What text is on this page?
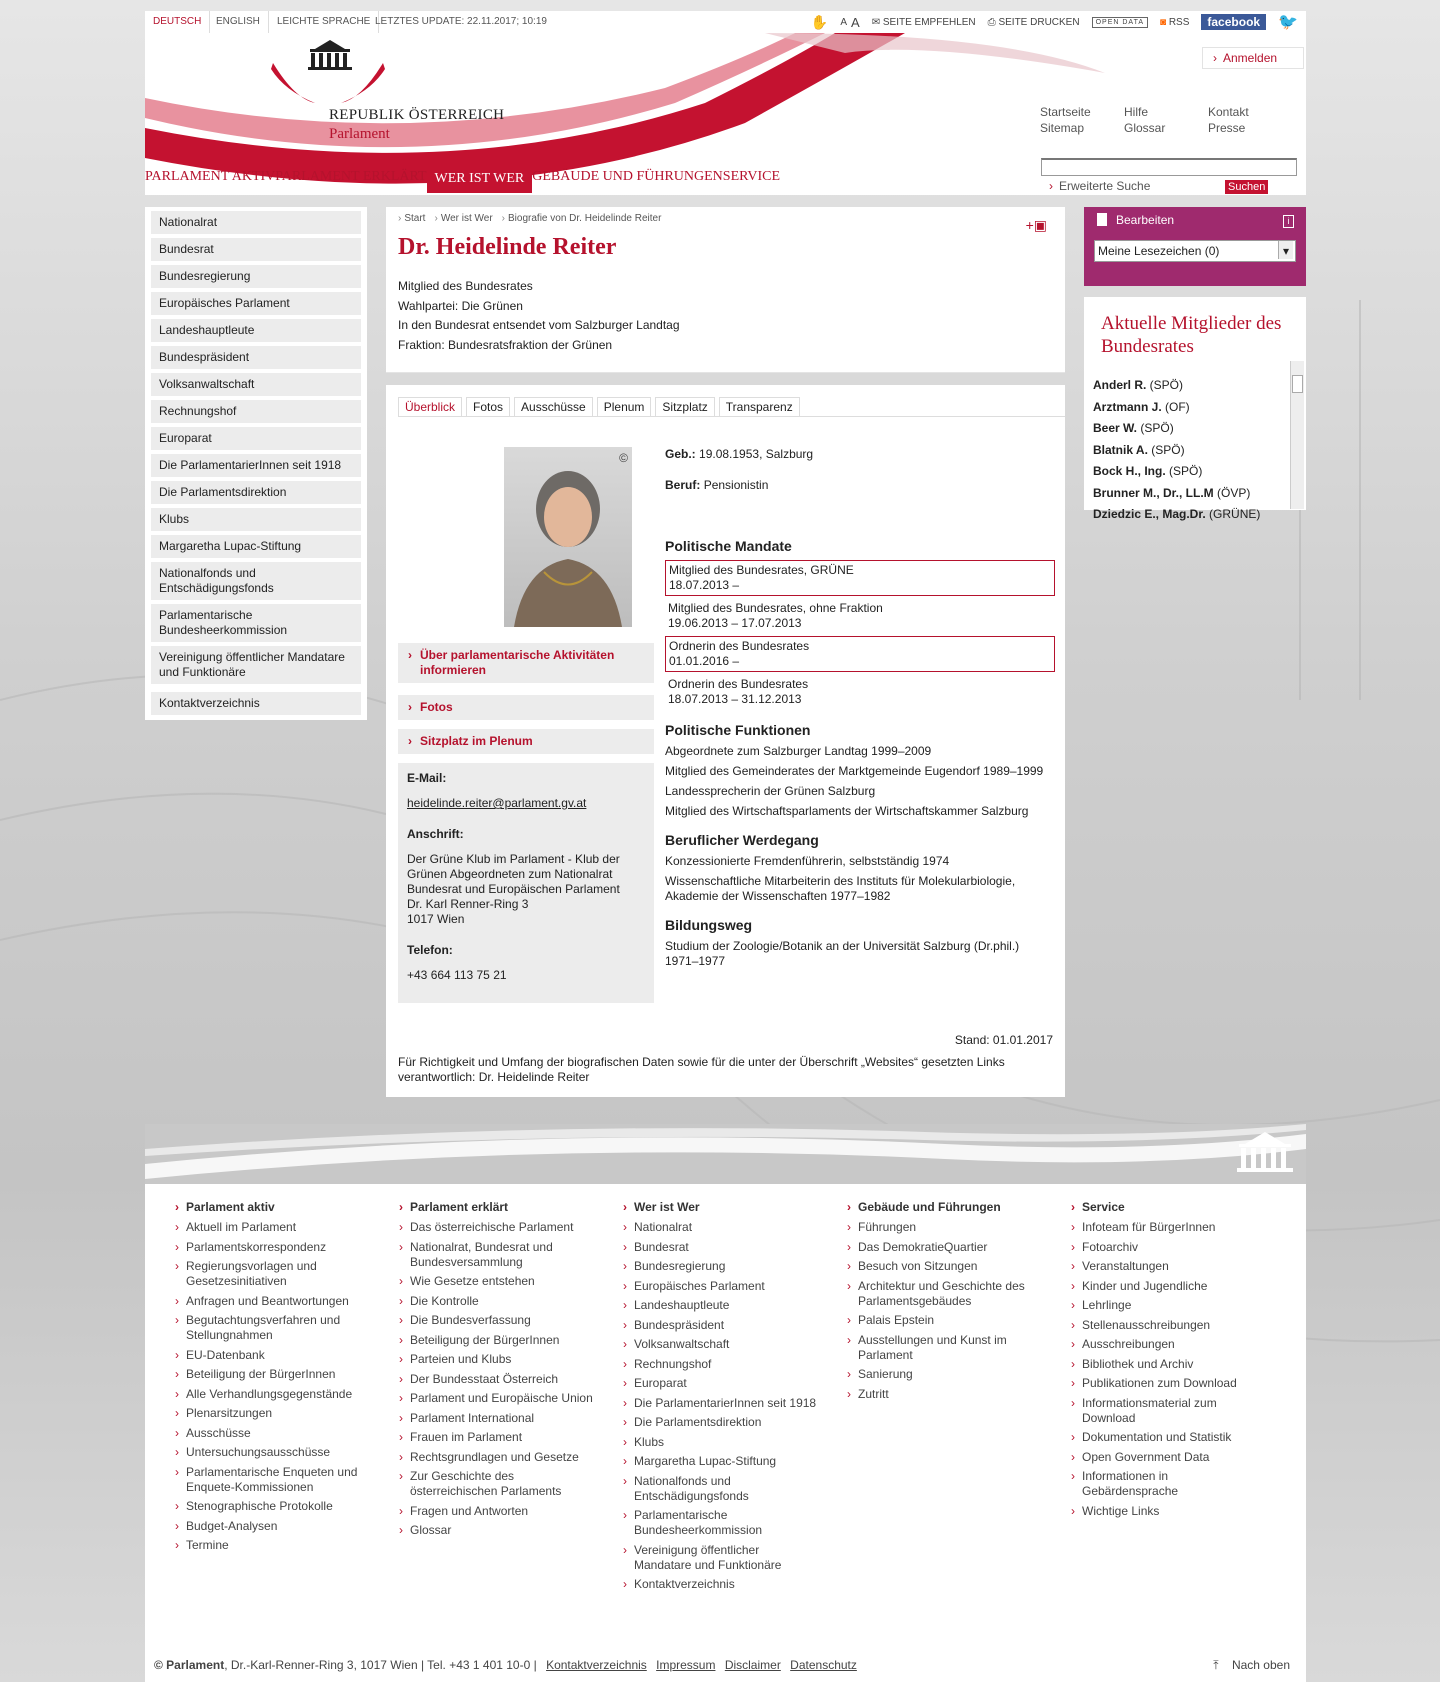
DEUTSCH	ENGLISH	LEICHTE SPRACHE LETZTES UPDATE: 22.11.2017; 10:19	✋ A A ✉ SEITE EMPFEHLEN ⎙ SEITE DRUCKEN	OPEN DATA	◙ RSS	facebook	🐦
REPUBLIK ÖSTERREICH
Parlament
› Anmelden
Startseite	Hilfe	Kontakt
Sitemap	Glossar	Presse
› Erweiterte Suche	Suchen
PARLAMENT AKTIV PARLAMENT ERKLÄRT WER IST WER GEBÄUDE UND FÜHRUNGEN SERVICE
Nationalrat
Bundesrat
Bundesregierung
Europäisches Parlament
Landeshauptleute
Bundespräsident
Volksanwaltschaft
Rechnungshof
Europarat
Die ParlamentarierInnen seit 1918
Die Parlamentsdirektion
Klubs
Margaretha Lupac-Stiftung
Nationalfonds und Entschädigungsfonds
Parlamentarische Bundesheerkommission
Vereinigung öffentlicher Mandatare und Funktionäre
Kontaktverzeichnis
› Start	› Wer ist Wer	› Biografie von Dr. Heidelinde Reiter	+▣
Dr. Heidelinde Reiter
Mitglied des Bundesrates
Wahlpartei: Die Grünen
In den Bundesrat entsendet vom Salzburger Landtag
Fraktion: Bundesratsfraktion der Grünen
Überblick	Fotos	Ausschüsse	Plenum	Sitzplatz	Transparenz
©
› Über parlamentarische Aktivitäten informieren
› Fotos
› Sitzplatz im Plenum
E-Mail:
heidelinde.reiter@parlament.gv.at
Anschrift:
Der Grüne Klub im Parlament - Klub der Grünen Abgeordneten zum Nationalrat Bundesrat und Europäischen Parlament
Dr. Karl Renner-Ring 3
1017 Wien
Telefon:
+43 664 113 75 21
Geb.: 19.08.1953, Salzburg
Beruf: Pensionistin
Politische Mandate
Mitglied des Bundesrates, GRÜNE
18.07.2013 –
Mitglied des Bundesrates, ohne Fraktion
19.06.2013 – 17.07.2013
Ordnerin des Bundesrates
01.01.2016 –
Ordnerin des Bundesrates
18.07.2013 – 31.12.2013
Politische Funktionen
Abgeordnete zum Salzburger Landtag 1999–2009
Mitglied des Gemeinderates der Marktgemeinde Eugendorf 1989–1999
Landessprecherin der Grünen Salzburg
Mitglied des Wirtschaftsparlaments der Wirtschaftskammer Salzburg
Beruflicher Werdegang
Konzessionierte Fremdenführerin, selbstständig 1974
Wissenschaftliche Mitarbeiterin des Instituts für Molekularbiologie, Akademie der Wissenschaften 1977–1982
Bildungsweg
Studium der Zoologie/Botanik an der Universität Salzburg (Dr.phil.) 1971–1977
Stand: 01.01.2017
Für Richtigkeit und Umfang der biografischen Daten sowie für die unter der Überschrift „Websites“ gesetzten Links verantwortlich: Dr. Heidelinde Reiter
Bearbeiten	i
Meine Lesezeichen (0) ▾
Aktuelle Mitglieder des Bundesrates
Anderl R. (SPÖ)
Arztmann J. (OF)
Beer W. (SPÖ)
Blatnik A. (SPÖ)
Bock H., Ing. (SPÖ)
Brunner M., Dr., LL.M (ÖVP)
Dziedzic E., Mag.Dr. (GRÜNE)
› Parlament aktiv
› Aktuell im Parlament
› Parlamentskorrespondenz
› Regierungsvorlagen und Gesetzesinitiativen
› Anfragen und Beantwortungen
› Begutachtungsverfahren und Stellungnahmen
› EU-Datenbank
› Beteiligung der BürgerInnen
› Alle Verhandlungsgegenstände
› Plenarsitzungen
› Ausschüsse
› Untersuchungsausschüsse
› Parlamentarische Enqueten und Enquete-Kommissionen
› Stenographische Protokolle
› Budget-Analysen
› Termine
› Parlament erklärt
› Das österreichische Parlament
› Nationalrat, Bundesrat und Bundesversammlung
› Wie Gesetze entstehen
› Die Kontrolle
› Die Bundesverfassung
› Beteiligung der BürgerInnen
› Parteien und Klubs
› Der Bundesstaat Österreich
› Parlament und Europäische Union
› Parlament International
› Frauen im Parlament
› Rechtsgrundlagen und Gesetze
› Zur Geschichte des österreichischen Parlaments
› Fragen und Antworten
› Glossar
› Wer ist Wer
› Nationalrat
› Bundesrat
› Bundesregierung
› Europäisches Parlament
› Landeshauptleute
› Bundespräsident
› Volksanwaltschaft
› Rechnungshof
› Europarat
› Die ParlamentarierInnen seit 1918
› Die Parlamentsdirektion
› Klubs
› Margaretha Lupac-Stiftung
› Nationalfonds und Entschädigungsfonds
› Parlamentarische Bundesheerkommission
› Vereinigung öffentlicher Mandatare und Funktionäre
› Kontaktverzeichnis
› Gebäude und Führungen
› Führungen
› Das DemokratieQuartier
› Besuch von Sitzungen
› Architektur und Geschichte des Parlamentsgebäudes
› Palais Epstein
› Ausstellungen und Kunst im Parlament
› Sanierung
› Zutritt
› Service
› Infoteam für BürgerInnen
› Fotoarchiv
› Veranstaltungen
› Kinder und Jugendliche
› Lehrlinge
› Stellenausschreibungen
› Ausschreibungen
› Bibliothek und Archiv
› Publikationen zum Download
› Informationsmaterial zum Download
› Dokumentation und Statistik
› Open Government Data
› Informationen in Gebärdensprache
› Wichtige Links
© Parlament, Dr.-Karl-Renner-Ring 3, 1017 Wien | Tel. +43 1 401 10-0 | Kontaktverzeichnis Impressum Disclaimer Datenschutz	⤒    Nach oben
